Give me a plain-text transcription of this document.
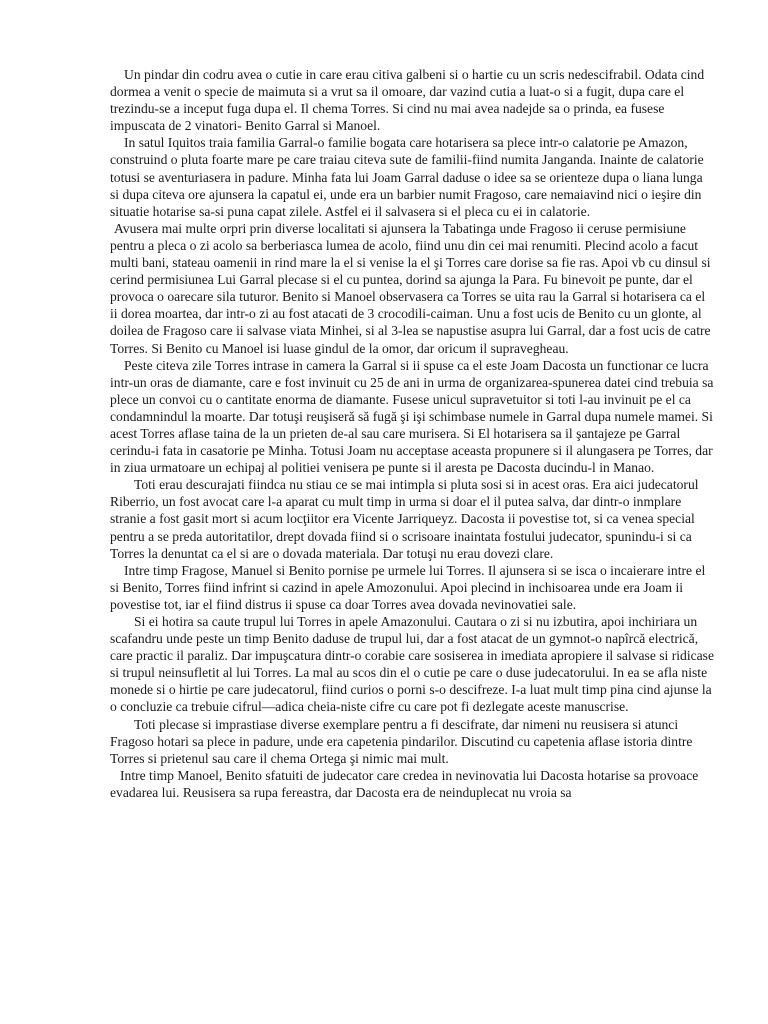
Un pindar din codru avea o cutie in care erau citiva galbeni si o hartie cu un scris nedescifrabil. Odata cind dormea a venit o specie de maimuta si a vrut sa il omoare, dar vazind cutia a luat-o si a fugit, dupa care el trezindu-se a inceput fuga dupa el. Il chema Torres. Si cind nu mai avea nadejde sa o prinda, ea fusese impuscata de 2 vinatori- Benito Garral si Manoel.

In satul Iquitos traia familia Garral-o familie bogata care hotarisera sa plece intr-o calatorie pe Amazon, construind o pluta foarte mare pe care traiau citeva sute de familii-fiind numita Janganda. Inainte de calatorie totusi se aventuriasera in padure. Minha fata lui Joam Garral daduse o idee sa se orienteze dupa o liana lunga si dupa citeva ore ajunsera la capatul ei, unde era un barbier numit Fragoso, care nemaiavind nici o ieşire din situatie hotarise sa-si puna capat zilele. Astfel ei il salvasera si el pleca cu ei in calatorie.

Avusera mai multe orpri prin diverse localitati si ajunsera la Tabatinga unde Fragoso ii ceruse permisiune pentru a pleca o zi acolo sa berberiasca lumea de acolo, fiind unu din cei mai renumiti. Plecind acolo a facut multi bani, stateau oamenii in rind mare la el si venise la el şi Torres care dorise sa fie ras. Apoi vb cu dinsul si cerind permisiunea Lui Garral plecase si el cu puntea, dorind sa ajunga la Para. Fu binevoit pe punte, dar el provoca o oarecare sila tuturor. Benito si Manoel observasera ca Torres se uita rau la Garral si hotarisera ca el ii dorea moartea, dar intr-o zi au fost atacati de 3 crocodili-caiman. Unu a fost ucis de Benito cu un glonte, al doilea de Fragoso care ii salvase viata Minhei, si al 3-lea se napustise asupra lui Garral, dar a fost ucis de catre Torres. Si Benito cu Manoel isi luase gindul de la omor, dar oricum il supravegheau.

Peste citeva zile Torres intrase in camera la Garral si ii spuse ca el este Joam Dacosta un functionar ce lucra intr-un oras de diamante, care e fost invinuit cu 25 de ani in urma de organizarea-spunerea datei cind trebuia sa plece un convoi cu o cantitate enorma de diamante. Fusese unicul supravetuitor si toti l-au invinuit pe el ca condamnindul la moarte. Dar totuşi reuşiseră să fugă şi işi schimbase numele in Garral dupa numele mamei. Si acest Torres aflase taina de la un prieten de-al sau care murisera. Si El hotarisera sa il şantajeze pe Garral cerindu-i fata in casatorie pe Minha. Totusi Joam nu acceptase aceasta propunere si il alungasera pe Torres, dar in ziua urmatoare un echipaj al politiei venisera pe punte si il aresta pe Dacosta ducindu-l in Manao.

Toti erau descurajati fiindca nu stiau ce se mai intimpla si pluta sosi si in acest oras. Era aici judecatorul Riberrio, un fost avocat care l-a aparat cu mult timp in urma si doar el il putea salva, dar dintr-o inmplare stranie a fost gasit mort si acum locţiitor era Vicente Jarriqueyz. Dacosta ii povestise tot, si ca venea special pentru a se preda autoritatilor, drept dovada fiind si o scrisoare inaintata fostului judecator, spunindu-i si ca Torres la denuntat ca el si are o dovada materiala. Dar totuşi nu erau dovezi clare.

Intre timp Fragose, Manuel si Benito pornise pe urmele lui Torres. Il ajunsera si se isca o incaierare intre el si Benito, Torres fiind infrint si cazind in apele Amozonului. Apoi plecind in inchisoarea unde era Joam ii povestise tot, iar el fiind distrus ii spuse ca doar Torres avea dovada nevinovatiei sale.

Si ei hotira sa caute trupul lui Torres in apele Amazonului. Cautara o zi si nu izbutira, apoi inchiriara un scafandru unde peste un timp Benito daduse de trupul lui, dar a fost atacat de un gymnot-o napîrcă electrică, care practic il paraliz. Dar impuşcatura dintr-o corabie care sosiserea in imediata apropiere il salvase si ridicase si trupul neinsufletit al lui Torres. La mal au scos din el o cutie pe care o duse judecatorului. In ea se afla niste monede si o hirtie pe care judecatorul, fiind curios o porni s-o descifreze. I-a luat mult timp pina cind ajunse la o concluzie ca trebuie cifrul—adica cheia-niste cifre cu care pot fi dezlegate aceste manuscrise.

Toti plecase si imprastiase diverse exemplare pentru a fi descifrate, dar nimeni nu reusisera si atunci Fragoso hotari sa plece in padure, unde era capetenia pindarilor. Discutind cu capetenia aflase istoria dintre Torres si prietenul sau care il chema Ortega şi nimic mai mult.

Intre timp Manoel, Benito sfatuiti de judecator care credea in nevinovatia lui Dacosta hotarise sa provoace evadarea lui. Reusisera sa rupa fereastra, dar Dacosta era de neinduplecat nu vroia sa
